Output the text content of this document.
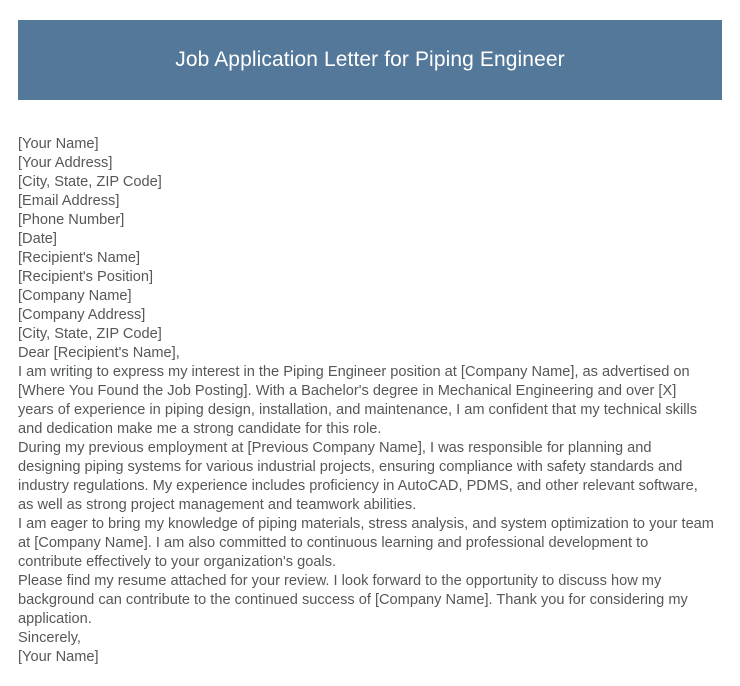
Job Application Letter for Piping Engineer
[Your Name]
[Your Address]
[City, State, ZIP Code]
[Email Address]
[Phone Number]
[Date]
[Recipient's Name]
[Recipient's Position]
[Company Name]
[Company Address]
[City, State, ZIP Code]
Dear [Recipient's Name],

I am writing to express my interest in the Piping Engineer position at [Company Name], as advertised on [Where You Found the Job Posting]. With a Bachelor's degree in Mechanical Engineering and over [X] years of experience in piping design, installation, and maintenance, I am confident that my technical skills and dedication make me a strong candidate for this role.

During my previous employment at [Previous Company Name], I was responsible for planning and designing piping systems for various industrial projects, ensuring compliance with safety standards and industry regulations. My experience includes proficiency in AutoCAD, PDMS, and other relevant software, as well as strong project management and teamwork abilities.

I am eager to bring my knowledge of piping materials, stress analysis, and system optimization to your team at [Company Name]. I am also committed to continuous learning and professional development to contribute effectively to your organization's goals.

Please find my resume attached for your review. I look forward to the opportunity to discuss how my background can contribute to the continued success of [Company Name]. Thank you for considering my application.

Sincerely,
[Your Name]
